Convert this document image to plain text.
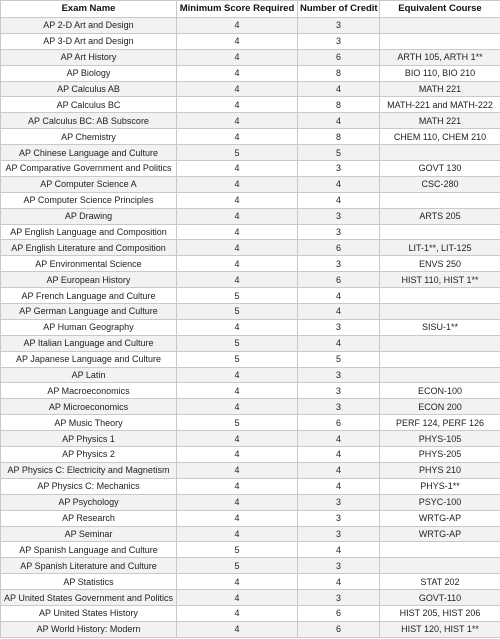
Exam Name	Minimum Score Required	Number of Credit	Equivalent Course
AP 2-D Art and Design	4	3	
AP 3-D Art and Design	4	3	
AP Art History	4	6	ARTH 105, ARTH 1**
AP Biology	4	8	BIO 110, BIO 210
AP Calculus AB	4	4	MATH 221
AP Calculus BC	4	8	MATH-221 and MATH-222
AP Calculus BC: AB Subscore	4	4	MATH 221
AP Chemistry	4	8	CHEM 110, CHEM 210
AP Chinese Language and Culture	5	5	
AP Comparative Government and Politics	4	3	GOVT 130
AP Computer Science A	4	4	CSC-280
AP Computer Science Principles	4	4	
AP Drawing	4	3	ARTS 205
AP English Language and Composition	4	3	
AP English Literature and Composition	4	6	LIT-1**, LIT-125
AP Environmental Science	4	3	ENVS 250
AP European History	4	6	HIST 110, HIST 1**
AP French Language and Culture	5	4	
AP German Language and Culture	5	4	
AP Human Geography	4	3	SISU-1**
AP Italian Language and Culture	5	4	
AP Japanese Language and Culture	5	5	
AP Latin	4	3	
AP Macroeconomics	4	3	ECON-100
AP Microeconomics	4	3	ECON 200
AP Music Theory	5	6	PERF 124, PERF 126
AP Physics 1	4	4	PHYS-105
AP Physics 2	4	4	PHYS-205
AP Physics C: Electricity and Magnetism	4	4	PHYS 210
AP Physics C: Mechanics	4	4	PHYS-1**
AP Psychology	4	3	PSYC-100
AP Research	4	3	WRTG-AP
AP Seminar	4	3	WRTG-AP
AP Spanish Language and Culture	5	4	
AP Spanish Literature and Culture	5	3	
AP Statistics	4	4	STAT 202
AP United States Government and Politics	4	3	GOVT-110
AP United States History	4	6	HIST 205, HIST 206
AP World History: Modern	4	6	HIST 120, HIST 1**
